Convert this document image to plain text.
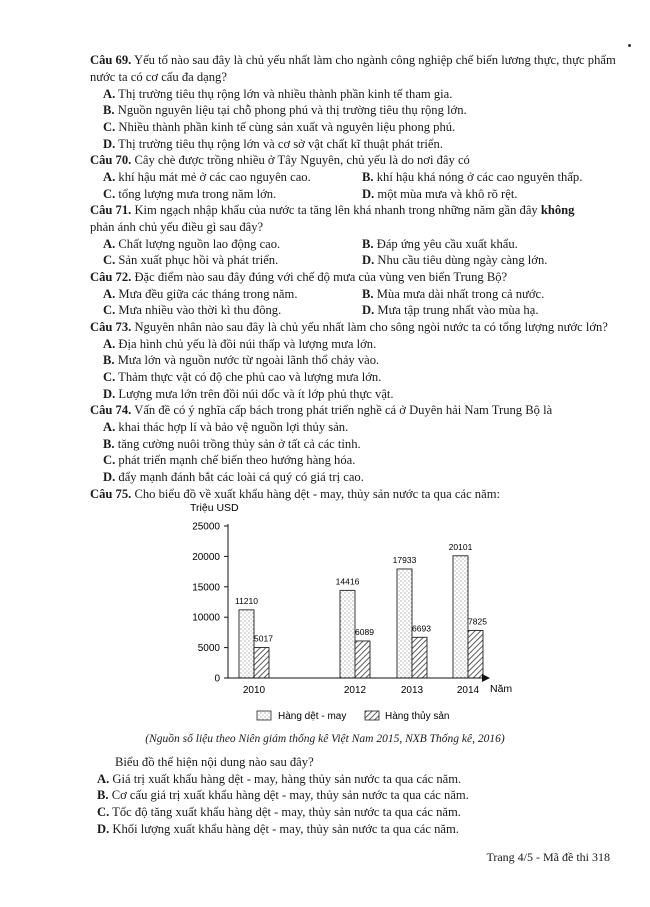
Câu 69. Yếu tố nào sau đây là chủ yếu nhất làm cho ngành công nghiệp chế biến lương thực, thực phẩm
nước ta có cơ cấu đa dạng?
A. Thị trường tiêu thụ rộng lớn và nhiều thành phần kinh tế tham gia.
B. Nguồn nguyên liệu tại chỗ phong phú và thị trường tiêu thụ rộng lớn.
C. Nhiều thành phần kinh tế cùng sản xuất và nguyên liệu phong phú.
D. Thị trường tiêu thụ rộng lớn và cơ sở vật chất kĩ thuật phát triển.
Câu 70. Cây chè được trồng nhiều ở Tây Nguyên, chủ yếu là do nơi đây có
A. khí hậu mát mẻ ở các cao nguyên cao.	B. khí hậu khá nóng ở các cao nguyên thấp.
C. tổng lượng mưa trong năm lớn.	D. một mùa mưa và khô rõ rệt.
Câu 71. Kim ngạch nhập khẩu của nước ta tăng lên khá nhanh trong những năm gần đây không
phản ánh chủ yếu điều gì sau đây?
A. Chất lượng nguồn lao động cao.	B. Đáp ứng yêu cầu xuất khẩu.
C. Sản xuất phục hồi và phát triển.	D. Nhu cầu tiêu dùng ngày càng lớn.
Câu 72. Đặc điểm nào sau đây đúng với chế độ mưa của vùng ven biển Trung Bộ?
A. Mưa đều giữa các tháng trong năm.	B. Mùa mưa dài nhất trong cả nước.
C. Mưa nhiều vào thời kì thu đông.	D. Mưa tập trung nhất vào mùa hạ.
Câu 73. Nguyên nhân nào sau đây là chủ yếu nhất làm cho sông ngòi nước ta có tổng lượng nước lớn?
A. Địa hình chủ yếu là đồi núi thấp và lượng mưa lớn.
B. Mưa lớn và nguồn nước từ ngoài lãnh thổ chảy vào.
C. Thảm thực vật có độ che phủ cao và lượng mưa lớn.
D. Lượng mưa lớn trên đồi núi dốc và ít lớp phủ thực vật.
Câu 74. Vấn đề có ý nghĩa cấp bách trong phát triển nghề cá ở Duyên hải Nam Trung Bộ là
A. khai thác hợp lí và bảo vệ nguồn lợi thủy sản.
B. tăng cường nuôi trồng thủy sản ở tất cả các tỉnh.
C. phát triển mạnh chế biến theo hướng hàng hóa.
D. đẩy mạnh đánh bắt các loài cá quý có giá trị cao.
Câu 75. Cho biểu đồ về xuất khẩu hàng dệt - may, thủy sản nước ta qua các năm:
Triệu USD
0
5000
10000
15000
20000
25000
11210
5017
2010
14416
6089
2012
17933
6693
2013
20101
7825
2014 Năm
Hàng dệt - may	Hàng thủy sản
(Nguồn số liệu theo Niên giám thống kê Việt Nam 2015, NXB Thống kê, 2016)
Biểu đồ thể hiện nội dung nào sau đây?
A. Giá trị xuất khẩu hàng dệt - may, hàng thủy sản nước ta qua các năm.
B. Cơ cấu giá trị xuất khẩu hàng dệt - may, thủy sản nước ta qua các năm.
C. Tốc độ tăng xuất khẩu hàng dệt - may, thủy sản nước ta qua các năm.
D. Khối lượng xuất khẩu hàng dệt - may, thủy sản nước ta qua các năm.
Trang 4/5 - Mã đề thi 318
